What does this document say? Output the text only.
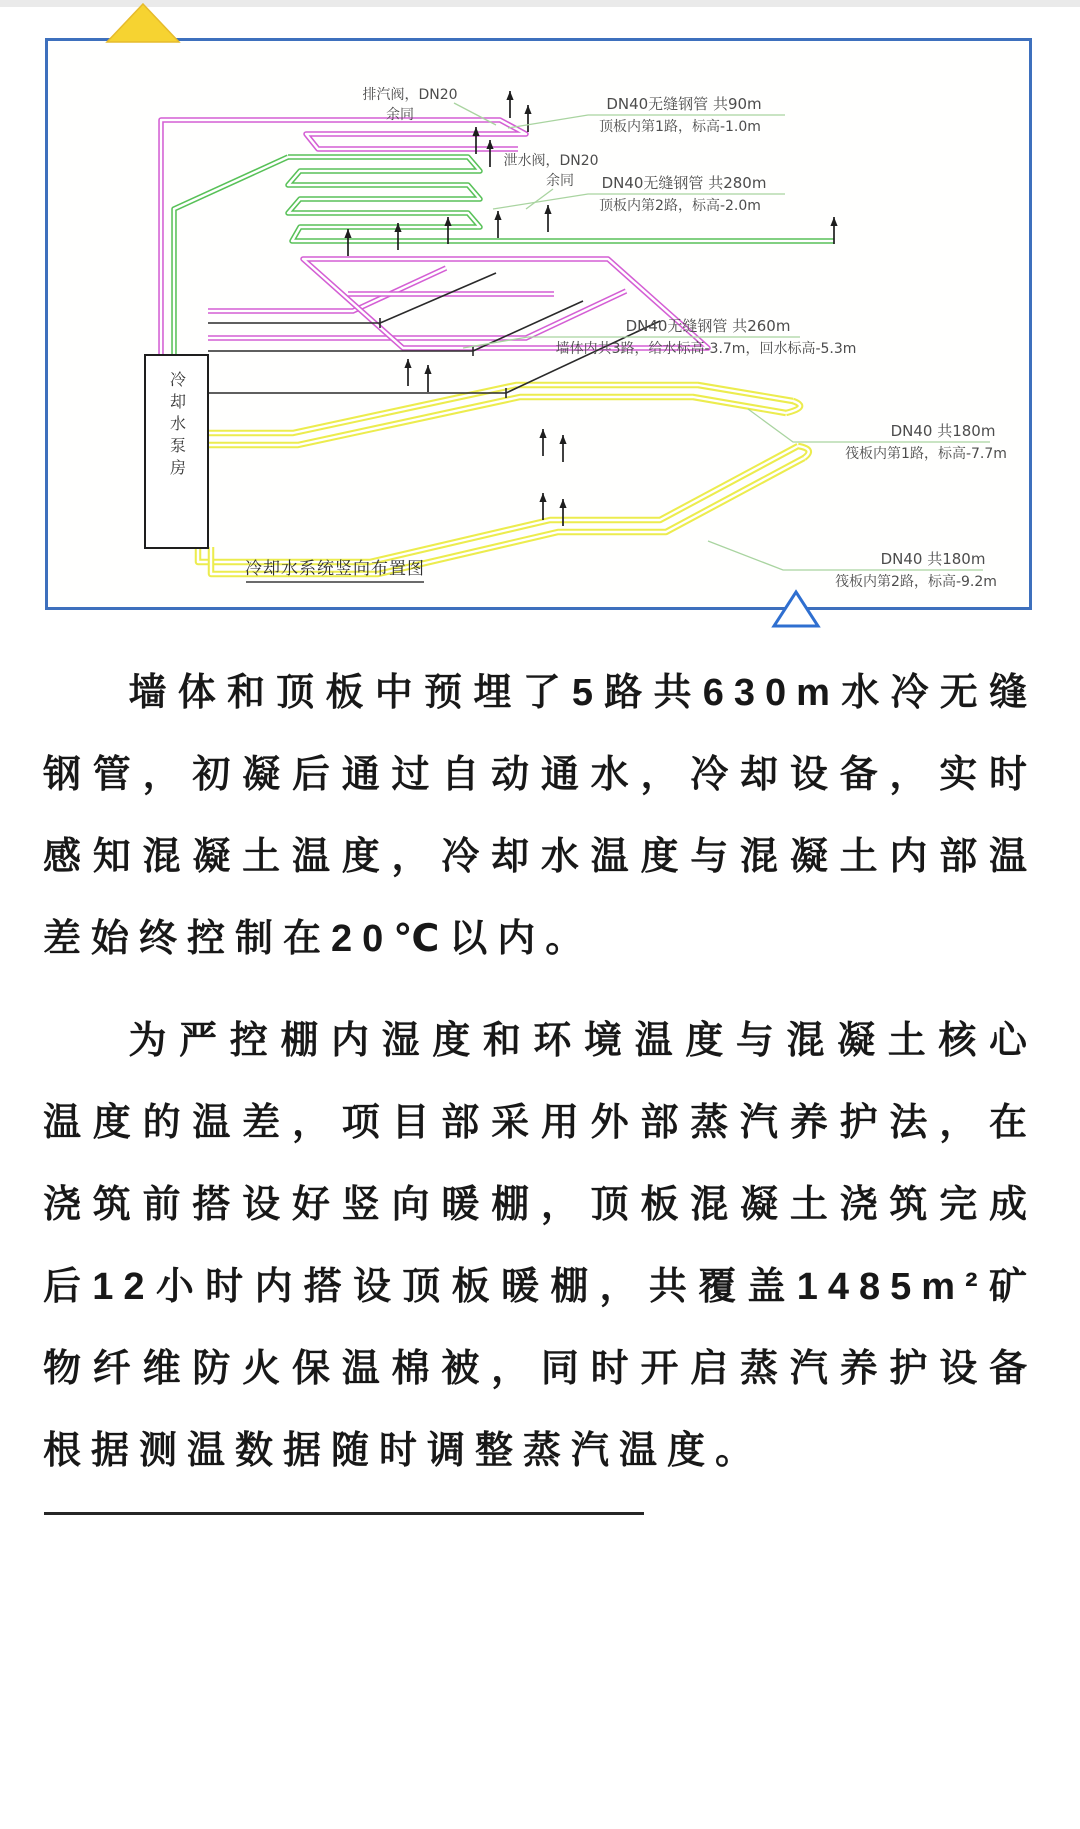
冷却水泵房
排汽阀，DN20
余同
泄水阀，DN20
余同
DN40无缝钢管 共90m
顶板内第1路，标高-1.0m
DN40无缝钢管 共280m
顶板内第2路，标高-2.0m
DN40无缝钢管 共260m
墙体内共3路，给水标高-3.7m，回水标高-5.3m
DN40 共180m
筏板内第1路，标高-7.7m
DN40 共180m
筏板内第2路，标高-9.2m
冷却水系统竖向布置图

墙体和顶板中预埋了5路共630m水冷无缝钢管，初凝后通过自动通水，冷却设备，实时感知混凝土温度，冷却水温度与混凝土内部温差始终控制在20℃以内。

为严控棚内湿度和环境温度与混凝土核心温度的温差，项目部采用外部蒸汽养护法，在浇筑前搭设好竖向暖棚，顶板混凝土浇筑完成后12小时内搭设顶板暖棚，共覆盖1485m²矿物纤维防火保温棉被，同时开启蒸汽养护设备根据测温数据随时调整蒸汽温度。
